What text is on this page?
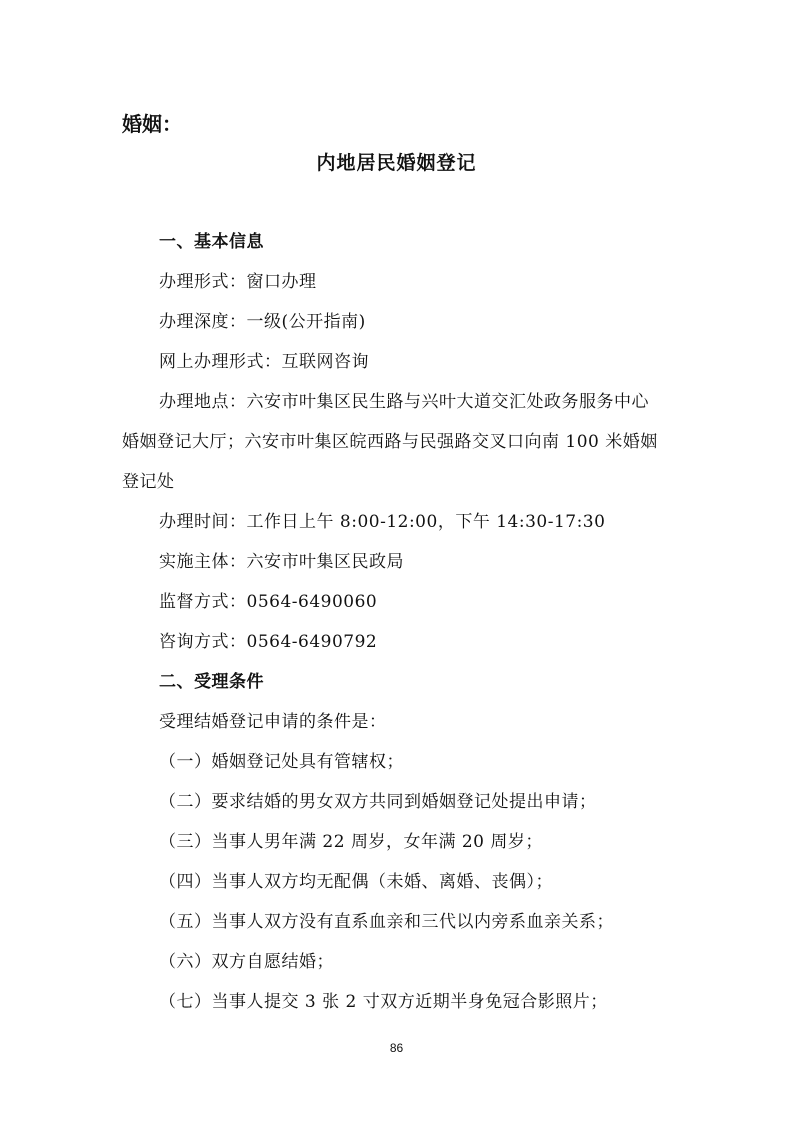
婚姻：
内地居民婚姻登记
一、基本信息
办理形式：窗口办理
办理深度：一级(公开指南)
网上办理形式：互联网咨询
办理地点：六安市叶集区民生路与兴叶大道交汇处政务服务中心
婚姻登记大厅；六安市叶集区皖西路与民强路交叉口向南 100 米婚姻
登记处
办理时间：工作日上午 8:00-12:00，下午 14:30-17:30
实施主体：六安市叶集区民政局
监督方式：0564-6490060
咨询方式：0564-6490792
二、受理条件
受理结婚登记申请的条件是：
（一）婚姻登记处具有管辖权；
（二）要求结婚的男女双方共同到婚姻登记处提出申请；
（三）当事人男年满 22 周岁，女年满 20 周岁；
（四）当事人双方均无配偶（未婚、离婚、丧偶）；
（五）当事人双方没有直系血亲和三代以内旁系血亲关系；
（六）双方自愿结婚；
（七）当事人提交 3 张 2 寸双方近期半身免冠合影照片；
86
